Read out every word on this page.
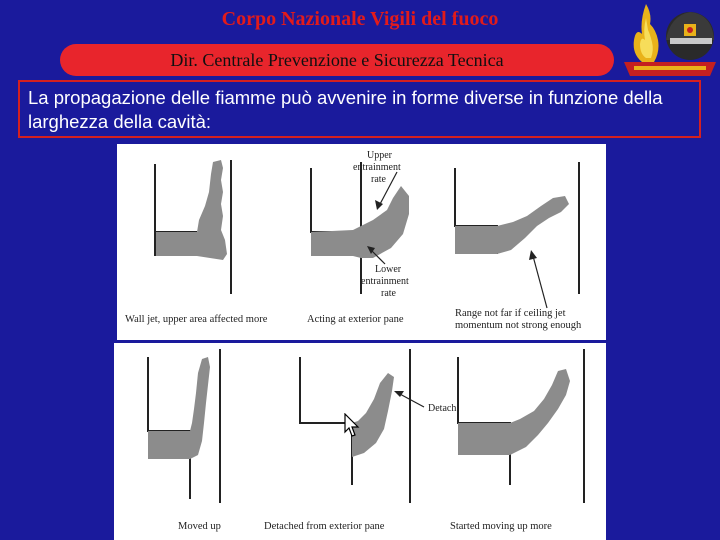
Corpo Nazionale Vigili del fuoco
Dir. Centrale Prevenzione e Sicurezza Tecnica
La propagazione delle fiamme può avvenire in forme diverse in funzione della larghezza della cavità:
Upper
entrainment
rate
Lower
entrainment
rate
Wall jet, upper area affected more	Acting at exterior pane
Range not far if ceiling jet
momentum not strong enough
Detach
Moved up	Detached from exterior pane	Started moving up more
